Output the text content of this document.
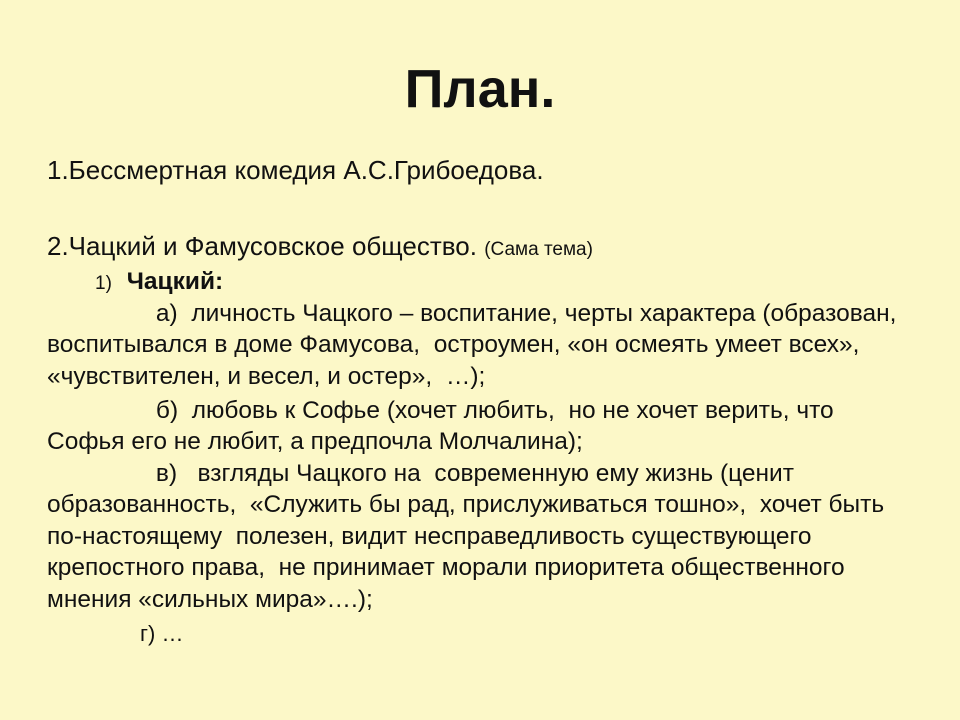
План.
1.Бессмертная комедия А.С.Грибоедова.
2.Чацкий и Фамусовское общество. (Сама тема)
1) Чацкий:
а)  личность Чацкого – воспитание, черты характера (образован, воспитывался в доме Фамусова,  остроумен, «он осмеять умеет всех», «чувствителен, и весел, и остер»,  …);
б)  любовь к Софье (хочет любить,  но не хочет верить, что Софья его не любит, а предпочла Молчалина);
в)   взгляды Чацкого на  современную ему жизнь (ценит образованность,  «Служить бы рад, прислуживаться тошно»,  хочет быть по-настоящему  полезен, видит несправедливость существующего крепостного права,  не принимает морали приоритета общественного мнения «сильных мира»….);
г) …
